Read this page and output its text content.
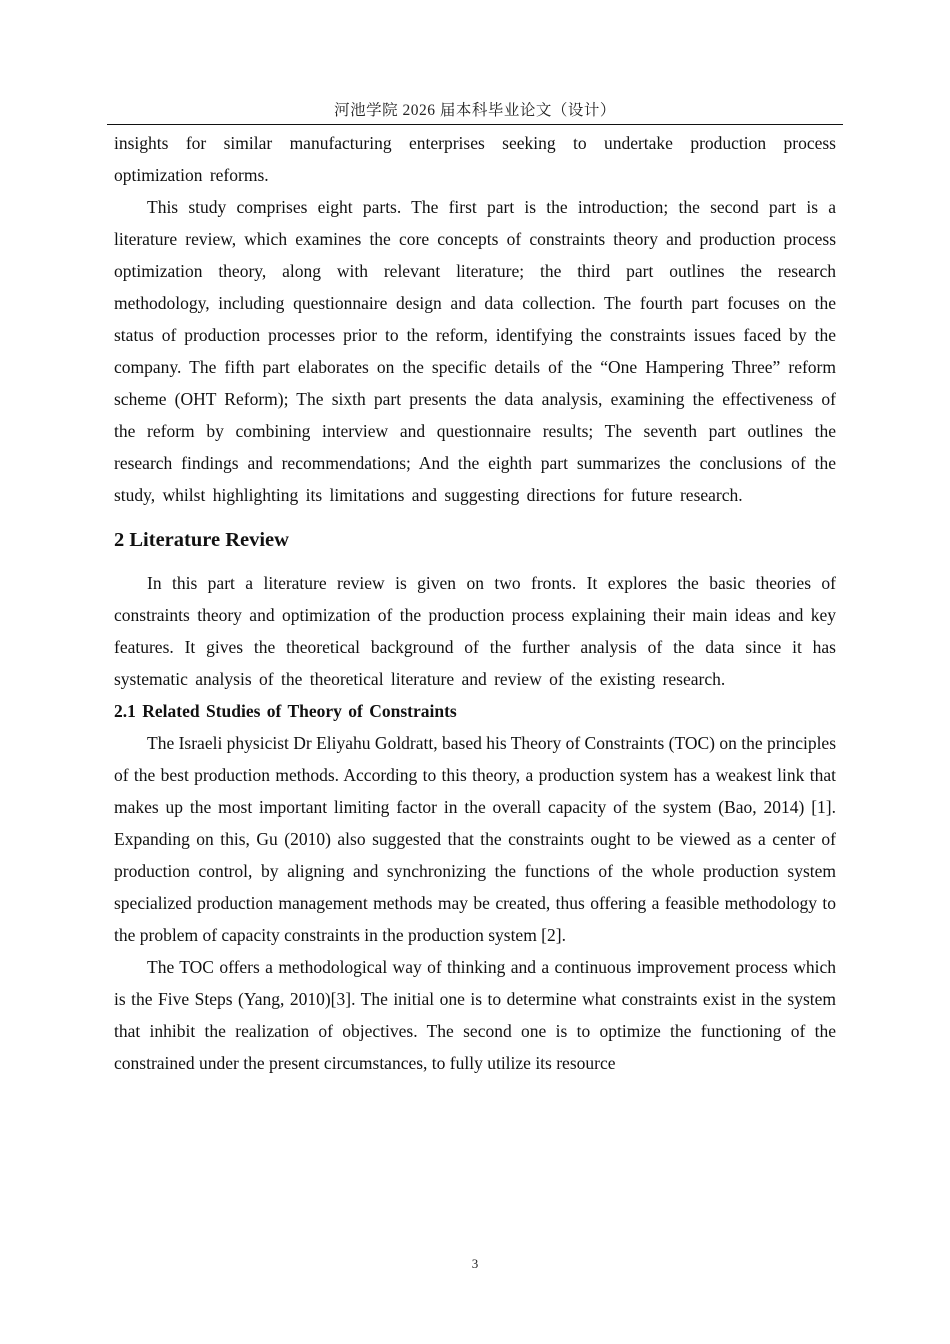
河池学院 2026 届本科毕业论文（设计）

insights for similar manufacturing enterprises seeking to undertake production process optimization reforms.

This study comprises eight parts. The first part is the introduction; the second part is a literature review, which examines the core concepts of constraints theory and production process optimization theory, along with relevant literature; the third part outlines the research methodology, including questionnaire design and data collection. The fourth part focuses on the status of production processes prior to the reform, identifying the constraints issues faced by the company. The fifth part elaborates on the specific details of the “One Hampering Three” reform scheme (OHT Reform); The sixth part presents the data analysis, examining the effectiveness of the reform by combining interview and questionnaire results; The seventh part outlines the research findings and recommendations; And the eighth part summarizes the conclusions of the study, whilst highlighting its limitations and suggesting directions for future research.

2 Literature Review

In this part a literature review is given on two fronts. It explores the basic theories of constraints theory and optimization of the production process explaining their main ideas and key features. It gives the theoretical background of the further analysis of the data since it has systematic analysis of the theoretical literature and review of the existing research.

2.1 Related Studies of Theory of Constraints

The Israeli physicist Dr Eliyahu Goldratt, based his Theory of Constraints (TOC) on the principles of the best production methods. According to this theory, a production system has a weakest link that makes up the most important limiting factor in the overall capacity of the system (Bao, 2014) [1]. Expanding on this, Gu (2010) also suggested that the constraints ought to be viewed as a center of production control, by aligning and synchronizing the functions of the whole production system specialized production management methods may be created, thus offering a feasible methodology to the problem of capacity constraints in the production system [2].

The TOC offers a methodological way of thinking and a continuous improvement process which is the Five Steps (Yang, 2010)[3]. The initial one is to determine what constraints exist in the system that inhibit the realization of objectives. The second one is to optimize the functioning of the constrained under the present circumstances, to fully utilize its resource

3
